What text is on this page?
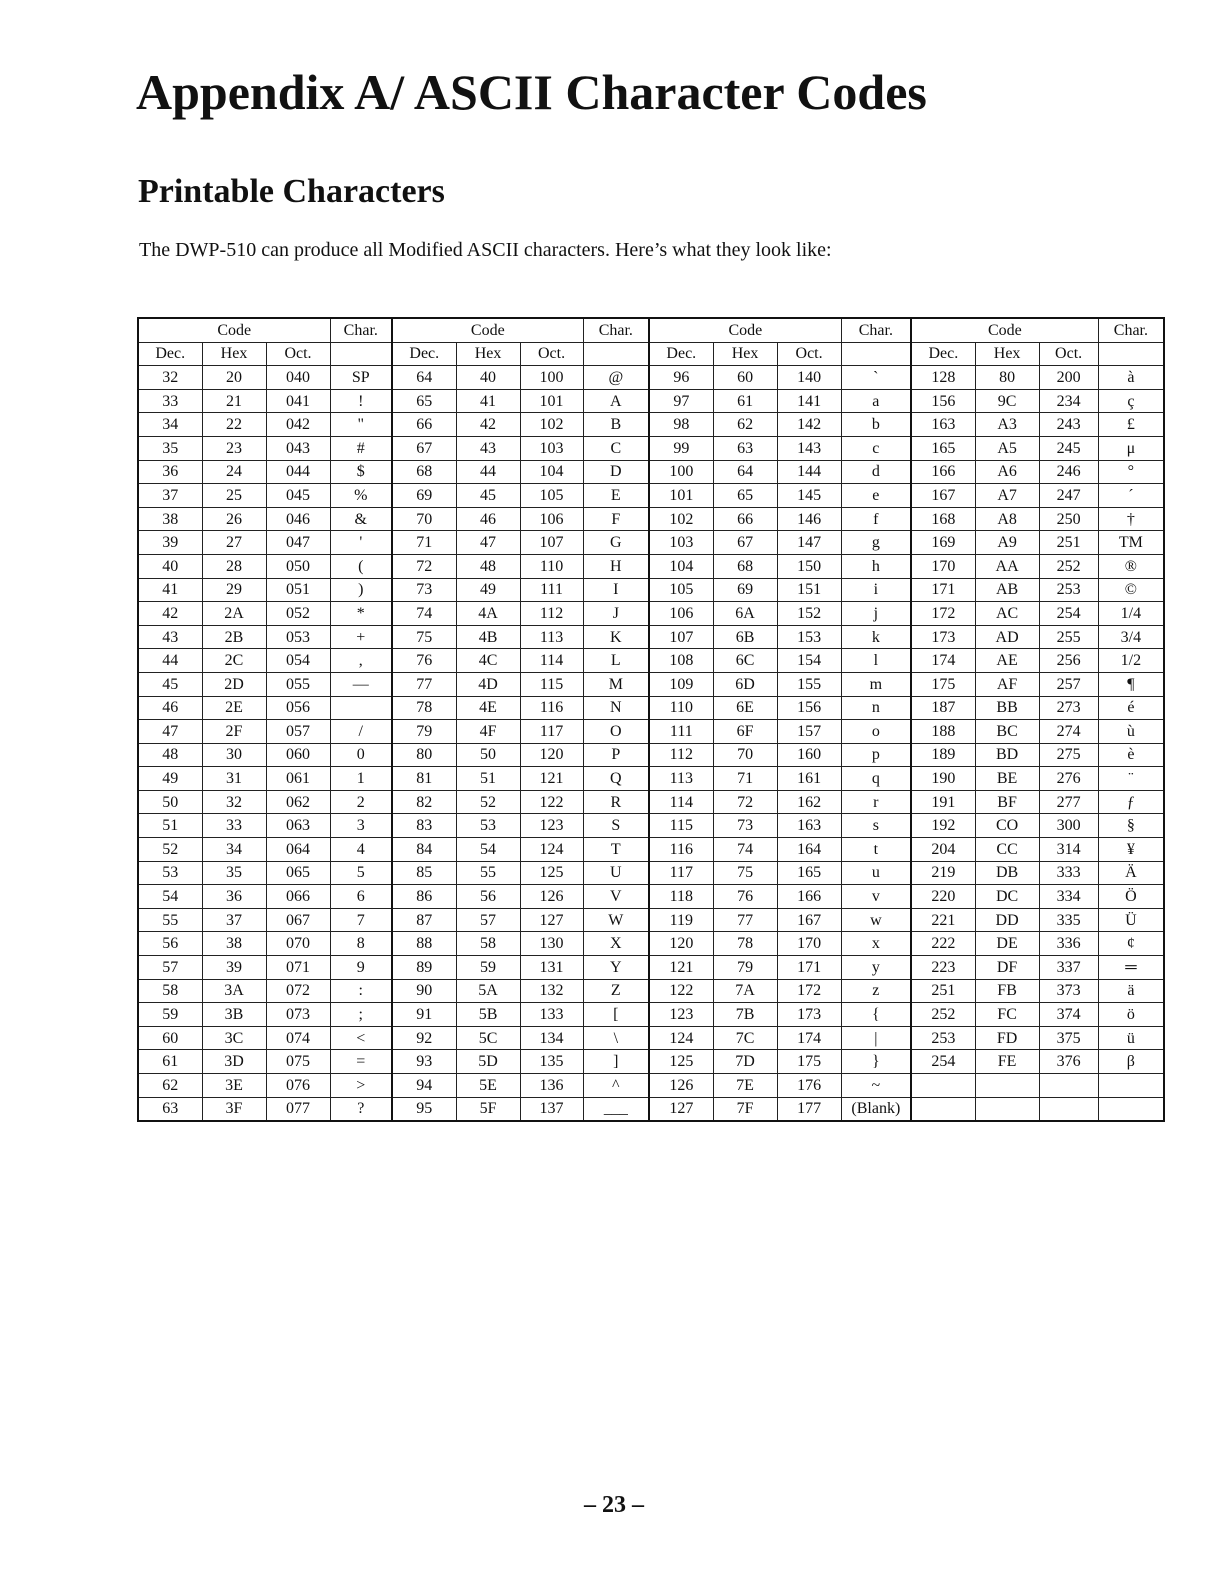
Appendix A/ ASCII Character Codes
Printable Characters

The DWP-510 can produce all Modified ASCII characters. Here’s what they look like:

Code			Char.	Code			Char.	Code			Char.	Code			Char.
Dec.	Hex	Oct.		Dec.	Hex	Oct.		Dec.	Hex	Oct.		Dec.	Hex	Oct.	
32	20	040	SP	64	40	100	@	96	60	140	`	128	80	200	à
33	21	041	!	65	41	101	A	97	61	141	a	156	9C	234	ç
34	22	042	"	66	42	102	B	98	62	142	b	163	A3	243	£
35	23	043	#	67	43	103	C	99	63	143	c	165	A5	245	μ
36	24	044	$	68	44	104	D	100	64	144	d	166	A6	246	°
37	25	045	%	69	45	105	E	101	65	145	e	167	A7	247	´
38	26	046	&	70	46	106	F	102	66	146	f	168	A8	250	†
39	27	047	'	71	47	107	G	103	67	147	g	169	A9	251	TM
40	28	050	(	72	48	110	H	104	68	150	h	170	AA	252	®
41	29	051	)	73	49	111	I	105	69	151	i	171	AB	253	©
42	2A	052	*	74	4A	112	J	106	6A	152	j	172	AC	254	1/4
43	2B	053	+	75	4B	113	K	107	6B	153	k	173	AD	255	3/4
44	2C	054	,	76	4C	114	L	108	6C	154	l	174	AE	256	1/2
45	2D	055	—	77	4D	115	M	109	6D	155	m	175	AF	257	¶
46	2E	056		78	4E	116	N	110	6E	156	n	187	BB	273	é
47	2F	057	/	79	4F	117	O	111	6F	157	o	188	BC	274	ù
48	30	060	0	80	50	120	P	112	70	160	p	189	BD	275	è
49	31	061	1	81	51	121	Q	113	71	161	q	190	BE	276	¨
50	32	062	2	82	52	122	R	114	72	162	r	191	BF	277	ƒ
51	33	063	3	83	53	123	S	115	73	163	s	192	CO	300	§
52	34	064	4	84	54	124	T	116	74	164	t	204	CC	314	¥
53	35	065	5	85	55	125	U	117	75	165	u	219	DB	333	Ä
54	36	066	6	86	56	126	V	118	76	166	v	220	DC	334	Ö
55	37	067	7	87	57	127	W	119	77	167	w	221	DD	335	Ü
56	38	070	8	88	58	130	X	120	78	170	x	222	DE	336	¢
57	39	071	9	89	59	131	Y	121	79	171	y	223	DF	337	═
58	3A	072	:	90	5A	132	Z	122	7A	172	z	251	FB	373	ä
59	3B	073	;	91	5B	133	[	123	7B	173	{	252	FC	374	ö
60	3C	074	<	92	5C	134	\	124	7C	174	|	253	FD	375	ü
61	3D	075	=	93	5D	135	]	125	7D	175	}	254	FE	376	β
62	3E	076	>	94	5E	136	^	126	7E	176	~				
63	3F	077	?	95	5F	137	___	127	7F	177	(Blank)				

– 23 –
